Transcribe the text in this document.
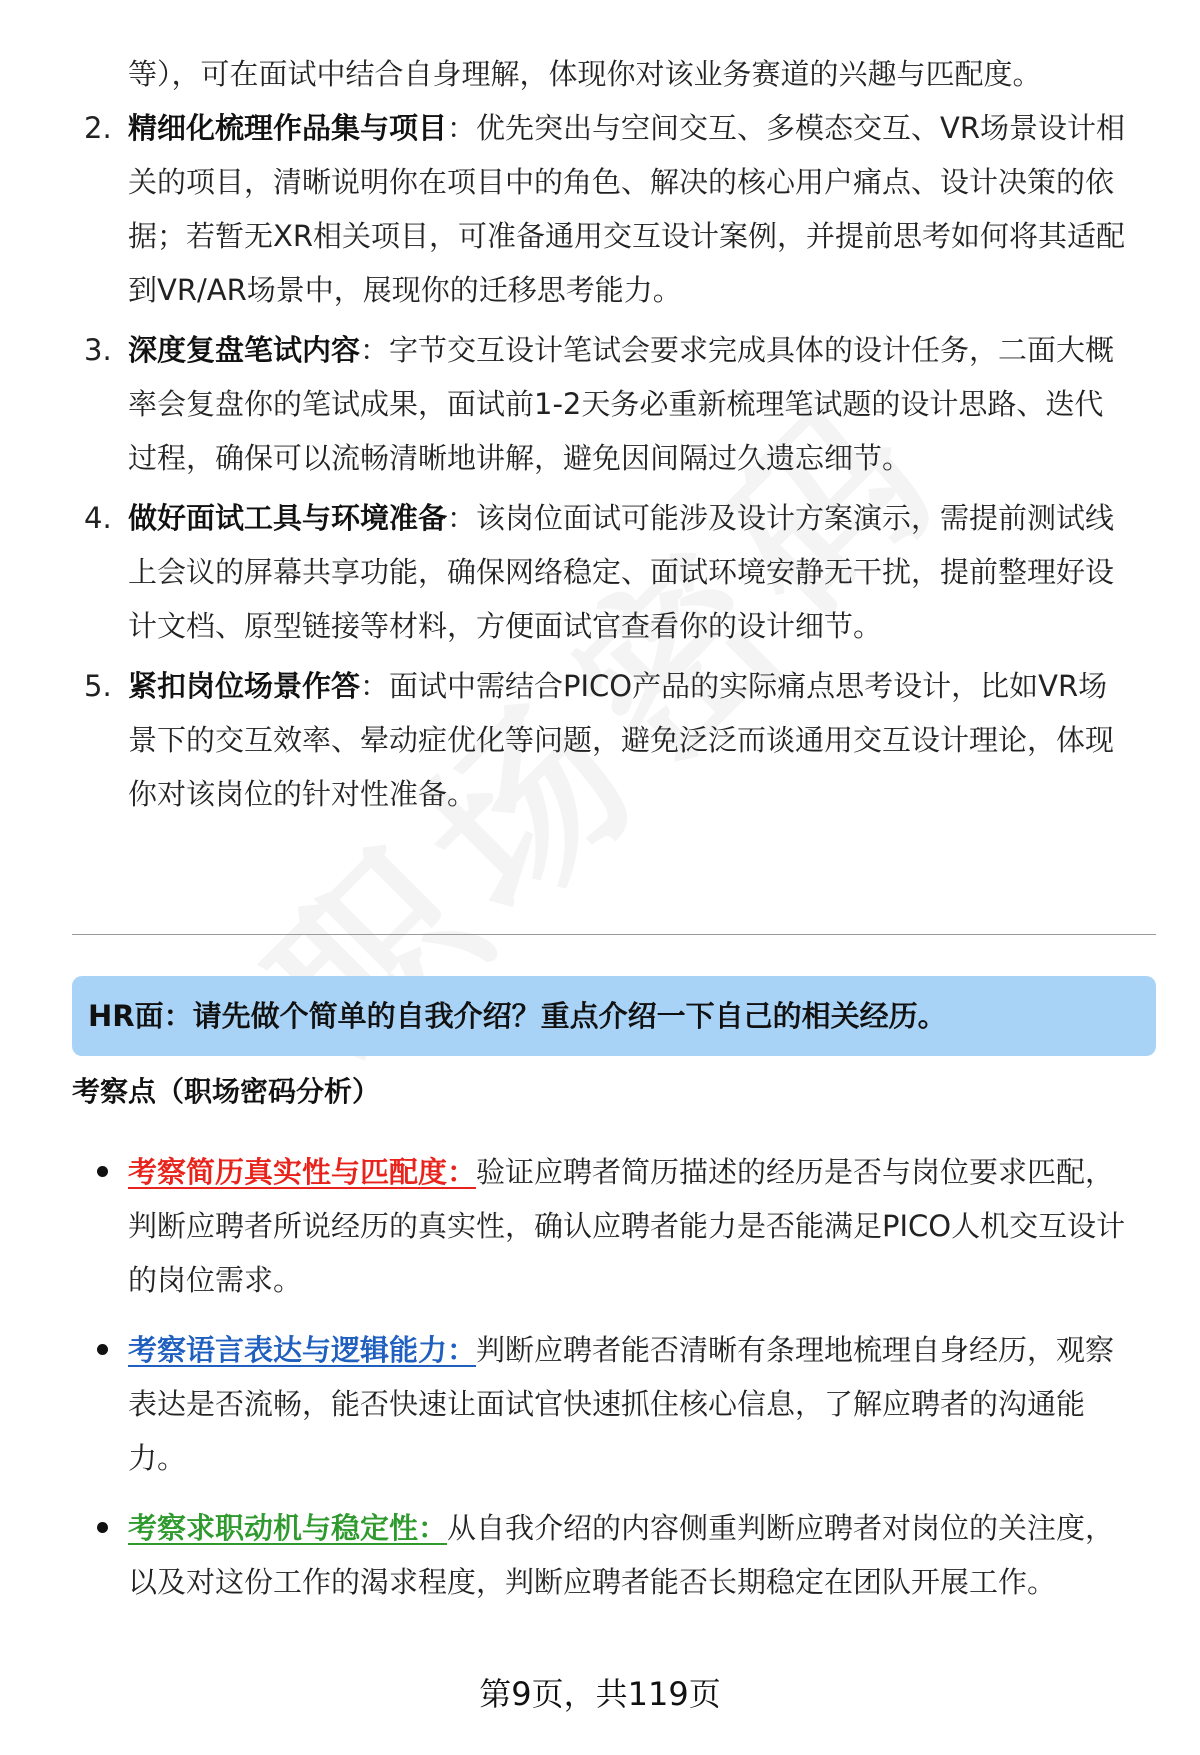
等），可在面试中结合自身理解，体现你对该业务赛道的兴趣与匹配度。
2. 精细化梳理作品集与项目：优先突出与空间交互、多模态交互、VR场景设计相
关的项目，清晰说明你在项目中的角色、解决的核心用户痛点、设计决策的依
据；若暂无XR相关项目，可准备通用交互设计案例，并提前思考如何将其适配
到VR/AR场景中，展现你的迁移思考能力。
3. 深度复盘笔试内容：字节交互设计笔试会要求完成具体的设计任务，二面大概
率会复盘你的笔试成果，面试前1-2天务必重新梳理笔试题的设计思路、迭代
过程，确保可以流畅清晰地讲解，避免因间隔过久遗忘细节。
4. 做好面试工具与环境准备：该岗位面试可能涉及设计方案演示，需提前测试线
上会议的屏幕共享功能，确保网络稳定、面试环境安静无干扰，提前整理好设
计文档、原型链接等材料，方便面试官查看你的设计细节。
5. 紧扣岗位场景作答：面试中需结合PICO产品的实际痛点思考设计，比如VR场
景下的交互效率、晕动症优化等问题，避免泛泛而谈通用交互设计理论，体现
你对该岗位的针对性准备。
HR面：请先做个简单的自我介绍？重点介绍一下自己的相关经历。
考察点（职场密码分析）
考察简历真实性与匹配度：验证应聘者简历描述的经历是否与岗位要求匹配，
判断应聘者所说经历的真实性，确认应聘者能力是否能满足PICO人机交互设计
的岗位需求。
考察语言表达与逻辑能力：判断应聘者能否清晰有条理地梳理自身经历，观察
表达是否流畅，能否快速让面试官快速抓住核心信息，了解应聘者的沟通能
力。
考察求职动机与稳定性：从自我介绍的内容侧重判断应聘者对岗位的关注度，
以及对这份工作的渴求程度，判断应聘者能否长期稳定在团队开展工作。
第9页，共119页
